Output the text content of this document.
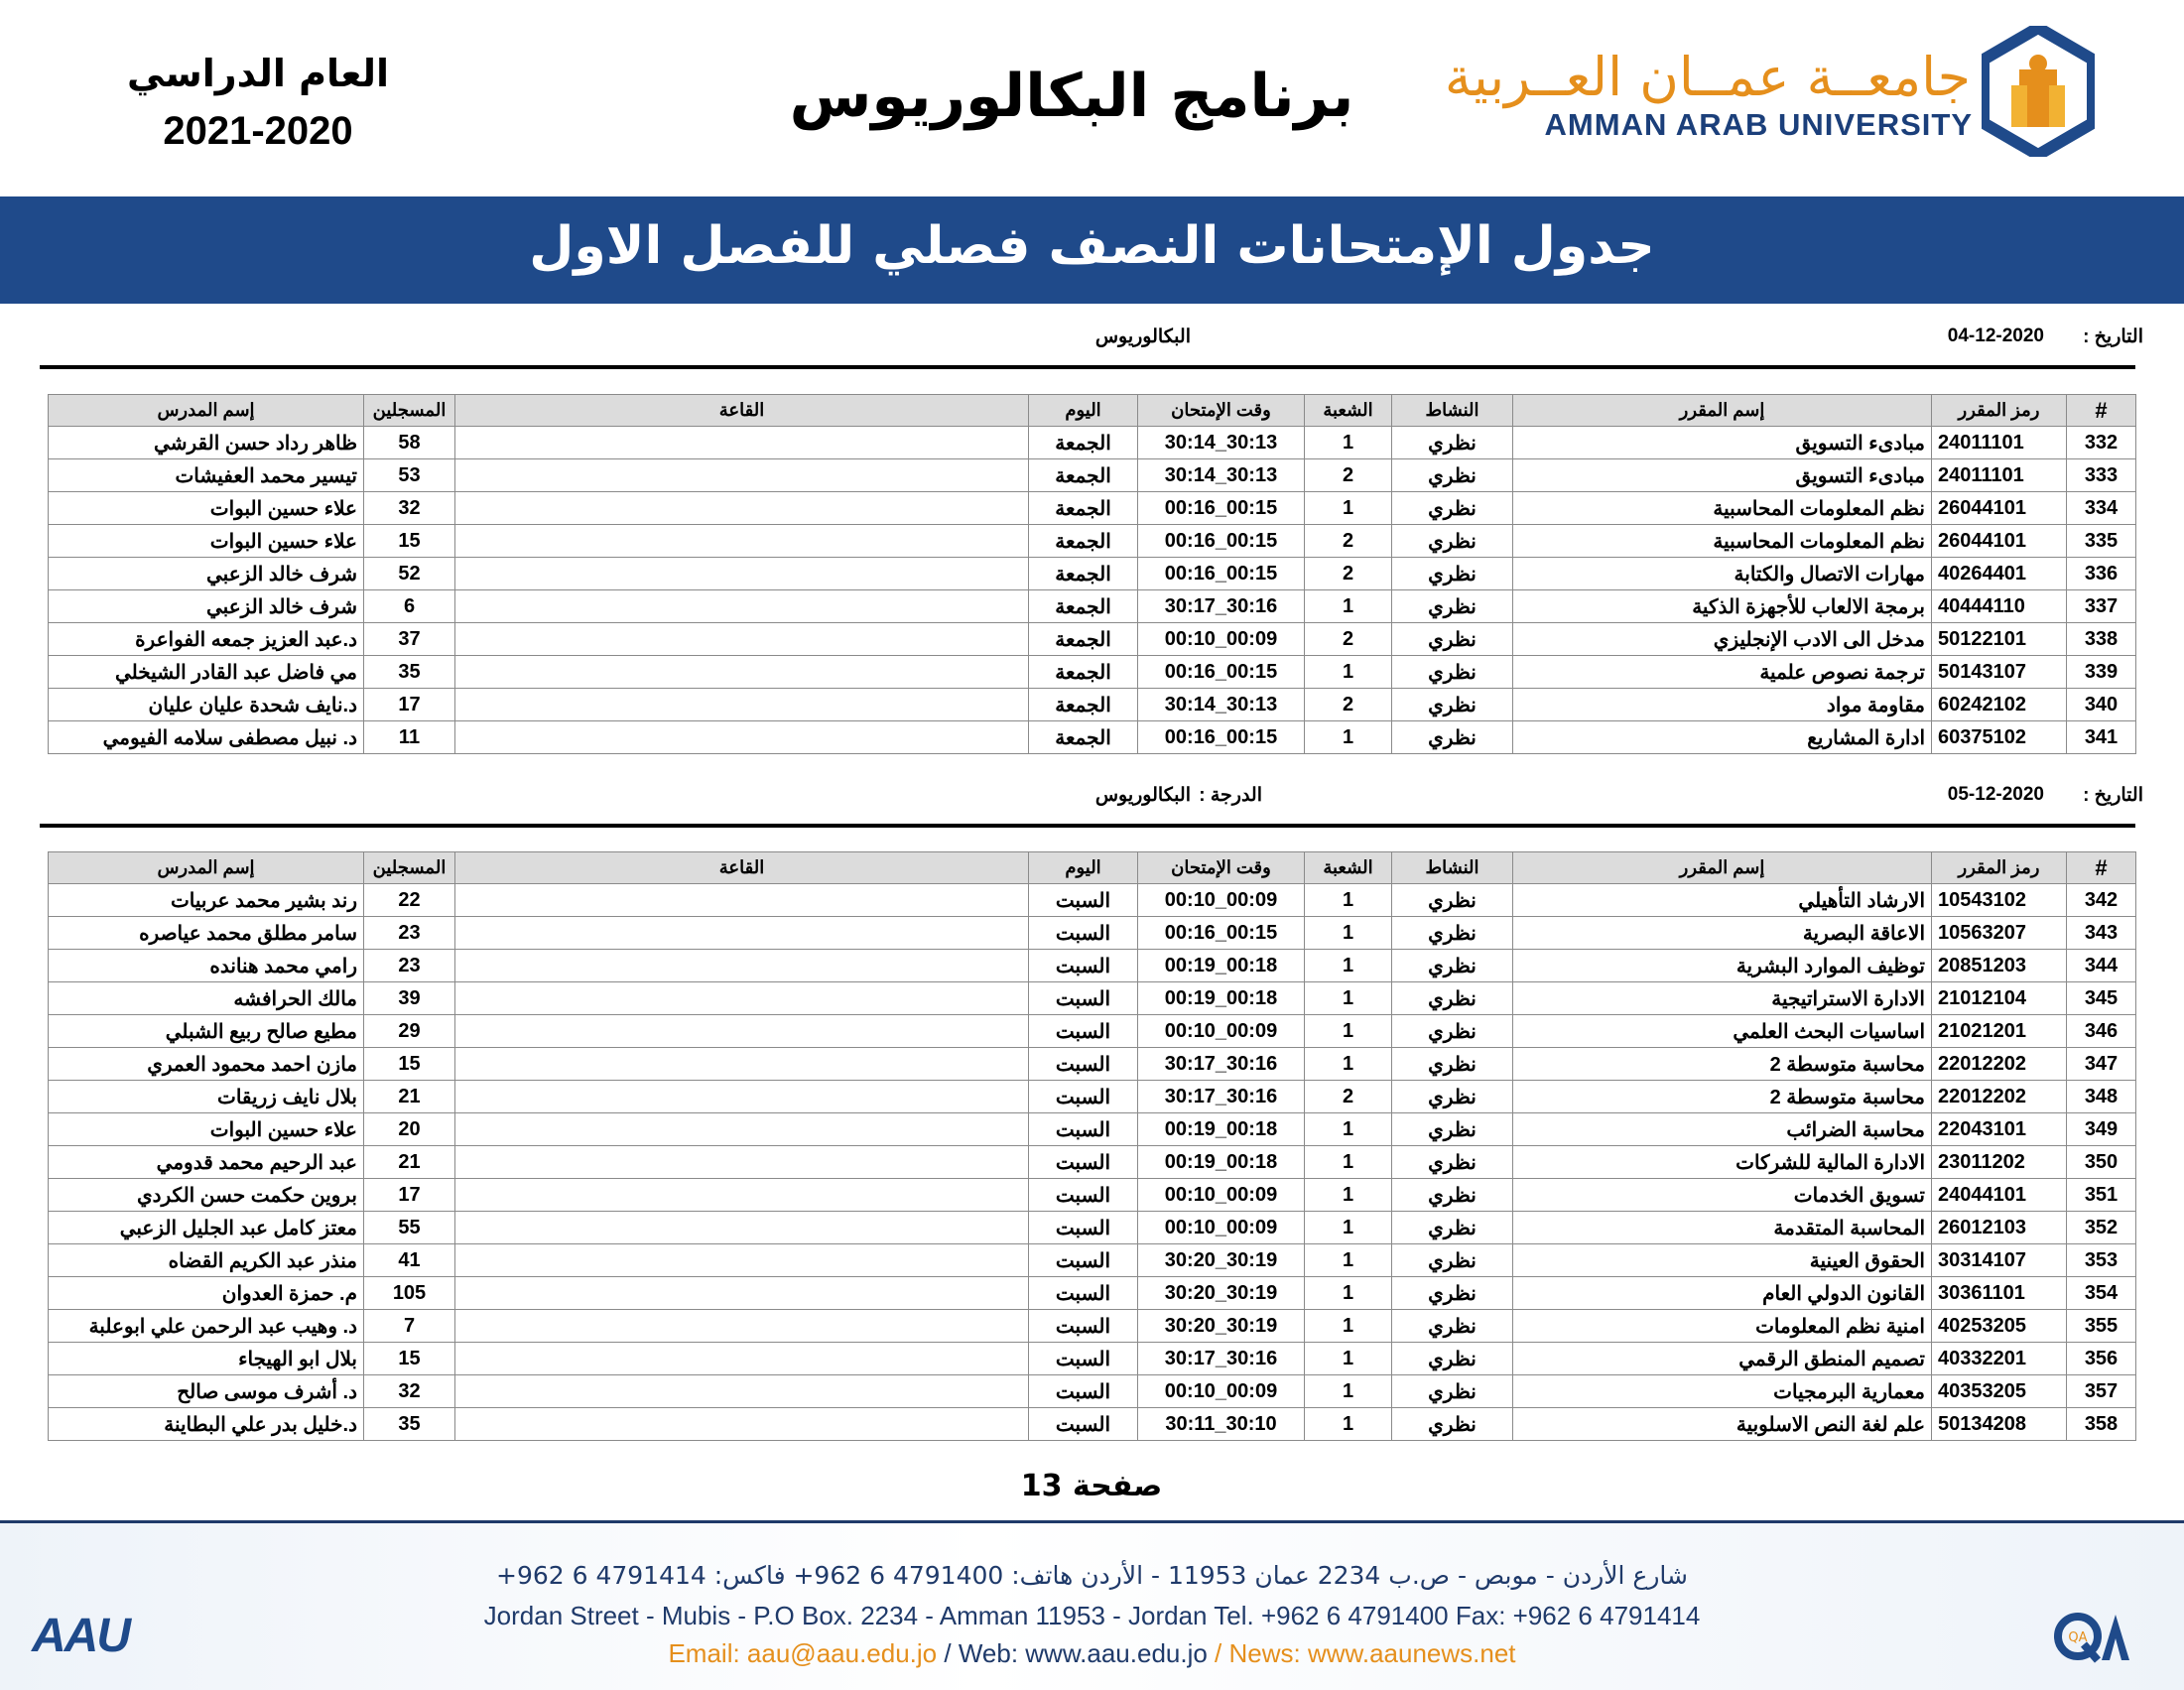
جامعــة عمــان العــربية
AMMAN ARAB UNIVERSITY
برنامج البكالوريوس
العام الدراسي
2021-2020
جدول الإمتحانات النصف فصلي للفصل الاول
التاريخ :
04-12-2020
البكالوريوس
#	رمز المقرر	إسم المقرر	النشاط	الشعبة	وقت الإمتحان	اليوم	القاعة	المسجلين	إسم المدرس
332	24011101	مبادىء التسويق	نظري	1	30:14_30:13	الجمعة		58	ظاهر رداد حسن القرشي
333	24011101	مبادىء التسويق	نظري	2	30:14_30:13	الجمعة		53	تيسير محمد العفيشات
334	26044101	نظم المعلومات المحاسبية	نظري	1	00:16_00:15	الجمعة		32	علاء حسين البوات
335	26044101	نظم المعلومات المحاسبية	نظري	2	00:16_00:15	الجمعة		15	علاء حسين البوات
336	40264401	مهارات الاتصال والكتابة	نظري	2	00:16_00:15	الجمعة		52	شرف خالد الزعبي
337	40444110	برمجة الالعاب للأجهزة الذكية	نظري	1	30:17_30:16	الجمعة		6	شرف خالد الزعبي
338	50122101	مدخل الى الادب الإنجليزي	نظري	2	00:10_00:09	الجمعة		37	د.عبد العزيز جمعه الفواعرة
339	50143107	ترجمة نصوص علمية	نظري	1	00:16_00:15	الجمعة		35	مي فاضل عبد القادر الشيخلي
340	60242102	مقاومة مواد	نظري	2	30:14_30:13	الجمعة		17	د.نايف شحدة عليان عليان
341	60375102	ادارة المشاريع	نظري	1	00:16_00:15	الجمعة		11	د. نبيل مصطفى سلامه الفيومي
التاريخ :
05-12-2020
الدرجة :
البكالوريوس
#	رمز المقرر	إسم المقرر	النشاط	الشعبة	وقت الإمتحان	اليوم	القاعة	المسجلين	إسم المدرس
342	10543102	الارشاد التأهيلي	نظري	1	00:10_00:09	السبت		22	رند بشير محمد عربيات
343	10563207	الاعاقة البصرية	نظري	1	00:16_00:15	السبت		23	سامر مطلق محمد عياصره
344	20851203	توظيف الموارد البشرية	نظري	1	00:19_00:18	السبت		23	رامي محمد هنانده
345	21012104	الادارة الاستراتيجية	نظري	1	00:19_00:18	السبت		39	مالك الحرافشه
346	21021201	اساسيات البحث العلمي	نظري	1	00:10_00:09	السبت		29	مطيع صالح ربيع الشبلي
347	22012202	محاسبة متوسطة 2	نظري	1	30:17_30:16	السبت		15	مازن احمد محمود العمري
348	22012202	محاسبة متوسطة 2	نظري	2	30:17_30:16	السبت		21	بلال نايف زريقات
349	22043101	محاسبة الضرائب	نظري	1	00:19_00:18	السبت		20	علاء حسين البوات
350	23011202	الادارة المالية للشركات	نظري	1	00:19_00:18	السبت		21	عبد الرحيم محمد قدومي
351	24044101	تسويق الخدمات	نظري	1	00:10_00:09	السبت		17	بروين حكمت حسن الكردي
352	26012103	المحاسبة المتقدمة	نظري	1	00:10_00:09	السبت		55	معتز كامل عبد الجليل الزعبي
353	30314107	الحقوق العينية	نظري	1	30:20_30:19	السبت		41	منذر عبد الكريم القضاه
354	30361101	القانون الدولي العام	نظري	1	30:20_30:19	السبت		105	م. حمزة العدوان
355	40253205	امنية نظم المعلومات	نظري	1	30:20_30:19	السبت		7	د. وهيب عبد الرحمن علي ابوعلبة
356	40332201	تصميم المنطق الرقمي	نظري	1	30:17_30:16	السبت		15	بلال ابو الهيجاء
357	40353205	معمارية البرمجيات	نظري	1	00:10_00:09	السبت		32	د. أشرف موسى صالح
358	50134208	علم لغة النص الاسلوبية	نظري	1	30:11_30:10	السبت		35	د.خليل بدر علي البطاينة
صفحة 13
AAU
شارع الأردن - موبص - ص.ب 2234 عمان 11953 - الأردن هاتف: 4791400 6 962+ فاكس: 4791414 6 962+
Jordan Street - Mubis - P.O Box. 2234 - Amman 11953 - Jordan Tel. +962 6 4791400 Fax: +962 6 4791414
Email: aau@aau.edu.jo / Web: www.aau.edu.jo / News: www.aaunews.net
QA
